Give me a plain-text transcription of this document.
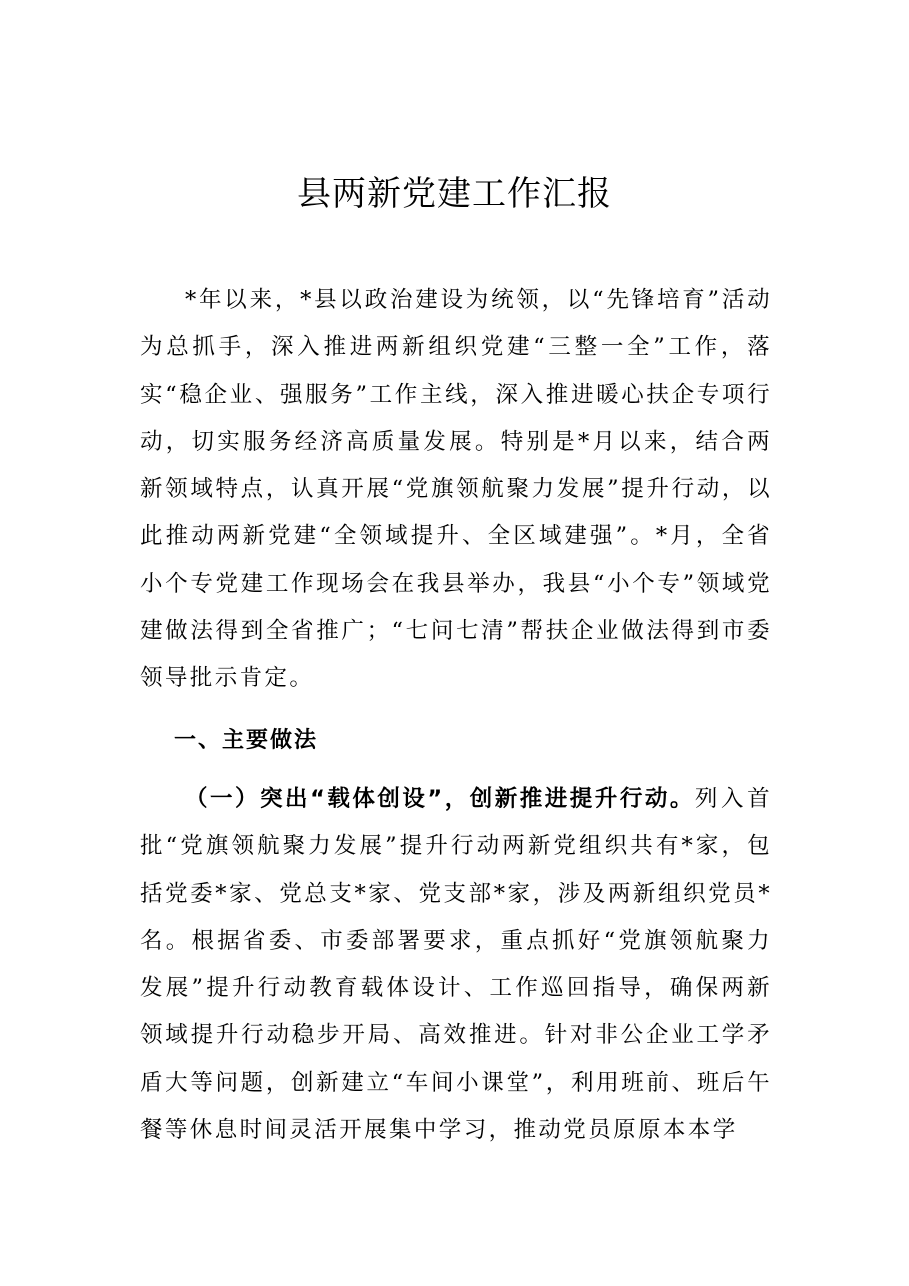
县两新党建工作汇报

*年以来，*县以政治建设为统领，以“先锋培育”活动为总抓手，深入推进两新组织党建“三整一全”工作，落实“稳企业、强服务”工作主线，深入推进暖心扶企专项行动，切实服务经济高质量发展。特别是*月以来，结合两新领域特点，认真开展“党旗领航聚力发展”提升行动，以此推动两新党建“全领域提升、全区域建强”。*月，全省小个专党建工作现场会在我县举办，我县“小个专”领域党建做法得到全省推广；“七问七清”帮扶企业做法得到市委领导批示肯定。

一、主要做法

（一）突出“载体创设”，创新推进提升行动。列入首批“党旗领航聚力发展”提升行动两新党组织共有*家，包括党委*家、党总支*家、党支部*家，涉及两新组织党员*名。根据省委、市委部署要求，重点抓好“党旗领航聚力发展”提升行动教育载体设计、工作巡回指导，确保两新领域提升行动稳步开局、高效推进。针对非公企业工学矛盾大等问题，创新建立“车间小课堂”，利用班前、班后午餐等休息时间灵活开展集中学习，推动党员原原本本学
